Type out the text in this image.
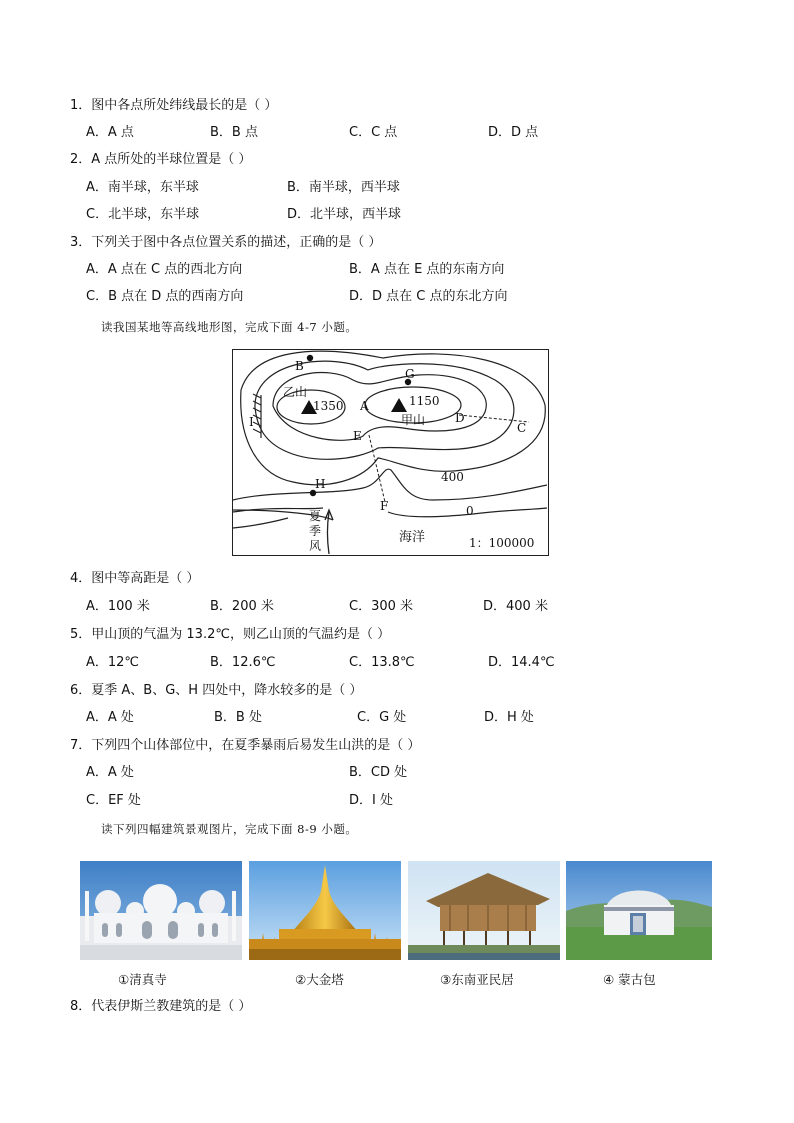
1．图中各点所处纬线最长的是（ ）
A．A 点	B．B 点	C．C 点	D．D 点
2．A 点所处的半球位置是（ ）
A．南半球，东半球	B．南半球，西半球
C．北半球，东半球	D．北半球，西半球
3．下列关于图中各点位置关系的描述，正确的是（ ）
A．A 点在 C 点的西北方向	B．A 点在 E 点的东南方向
C．B 点在 D 点的西南方向	D．D 点在 C 点的东北方向
读我国某地等高线地形图，完成下面 4-7 小题。
B
G
A
D
C
E
I
H
F
乙山
甲山
1350	1150
400
0
夏
季
风
海洋	1：100000
4．图中等高距是（ ）
A．100 米	B．200 米	C．300 米	D．400 米
5．甲山顶的气温为 13.2℃，则乙山顶的气温约是（ ）
A．12℃	B．12.6℃	C．13.8℃	D．14.4℃
6．夏季 A、B、G、H 四处中，降水较多的是（ ）
A．A 处	B．B 处	C．G 处	D．H 处
7．下列四个山体部位中，在夏季暴雨后易发生山洪的是（ ）
A．A 处	B．CD 处
C．EF 处	D．I 处
读下列四幅建筑景观图片，完成下面 8-9 小题。
①清真寺	②大金塔	③东南亚民居	④ 蒙古包
8．代表伊斯兰教建筑的是（ ）
